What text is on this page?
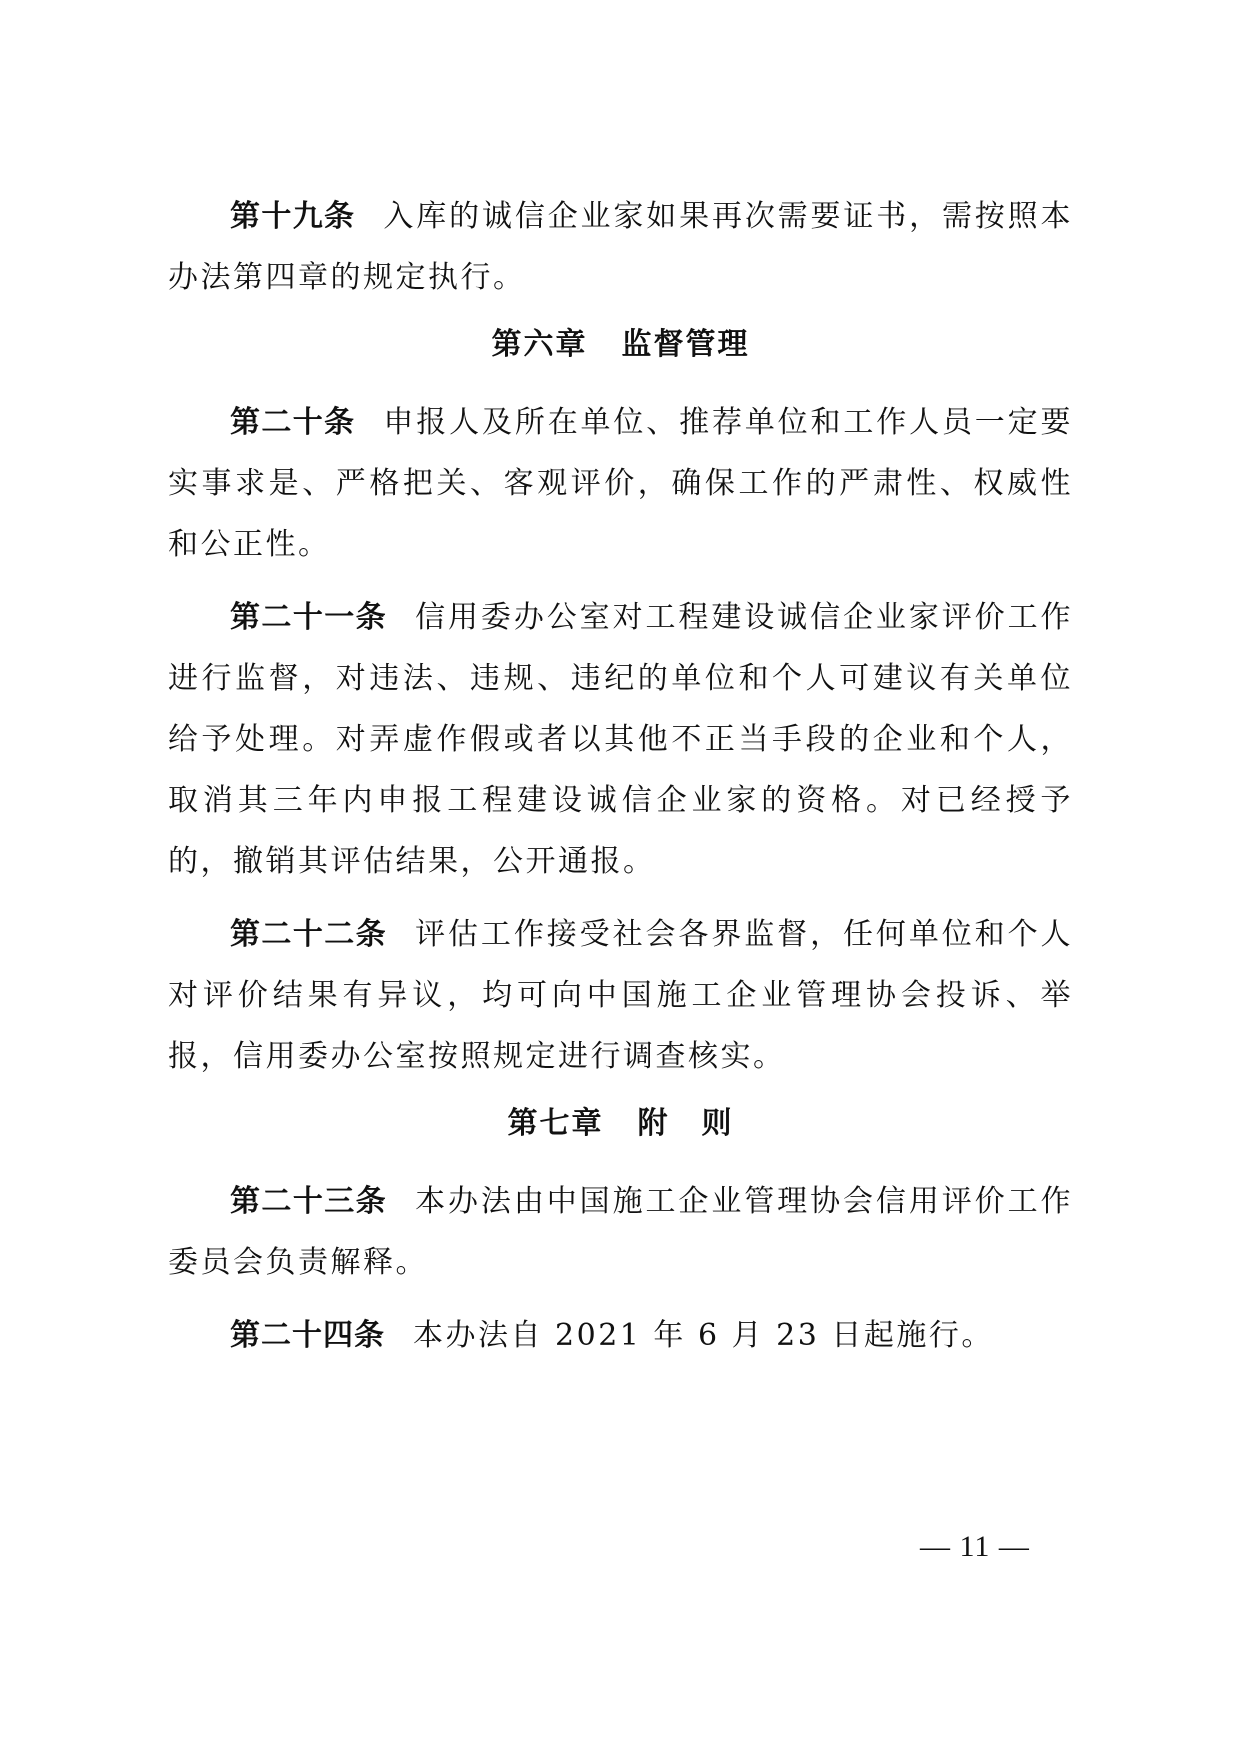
第十九条 入库的诚信企业家如果再次需要证书，需按照本办法第四章的规定执行。

第六章 监督管理

第二十条 申报人及所在单位、推荐单位和工作人员一定要实事求是、严格把关、客观评价，确保工作的严肃性、权威性和公正性。

第二十一条 信用委办公室对工程建设诚信企业家评价工作进行监督，对违法、违规、违纪的单位和个人可建议有关单位给予处理。对弄虚作假或者以其他不正当手段的企业和个人，取消其三年内申报工程建设诚信企业家的资格。对已经授予的，撤销其评估结果，公开通报。

第二十二条 评估工作接受社会各界监督，任何单位和个人对评价结果有异议，均可向中国施工企业管理协会投诉、举报，信用委办公室按照规定进行调查核实。

第七章 附　则

第二十三条 本办法由中国施工企业管理协会信用评价工作委员会负责解释。

第二十四条 本办法自 2021 年 6 月 23 日起施行。

— 11 —
